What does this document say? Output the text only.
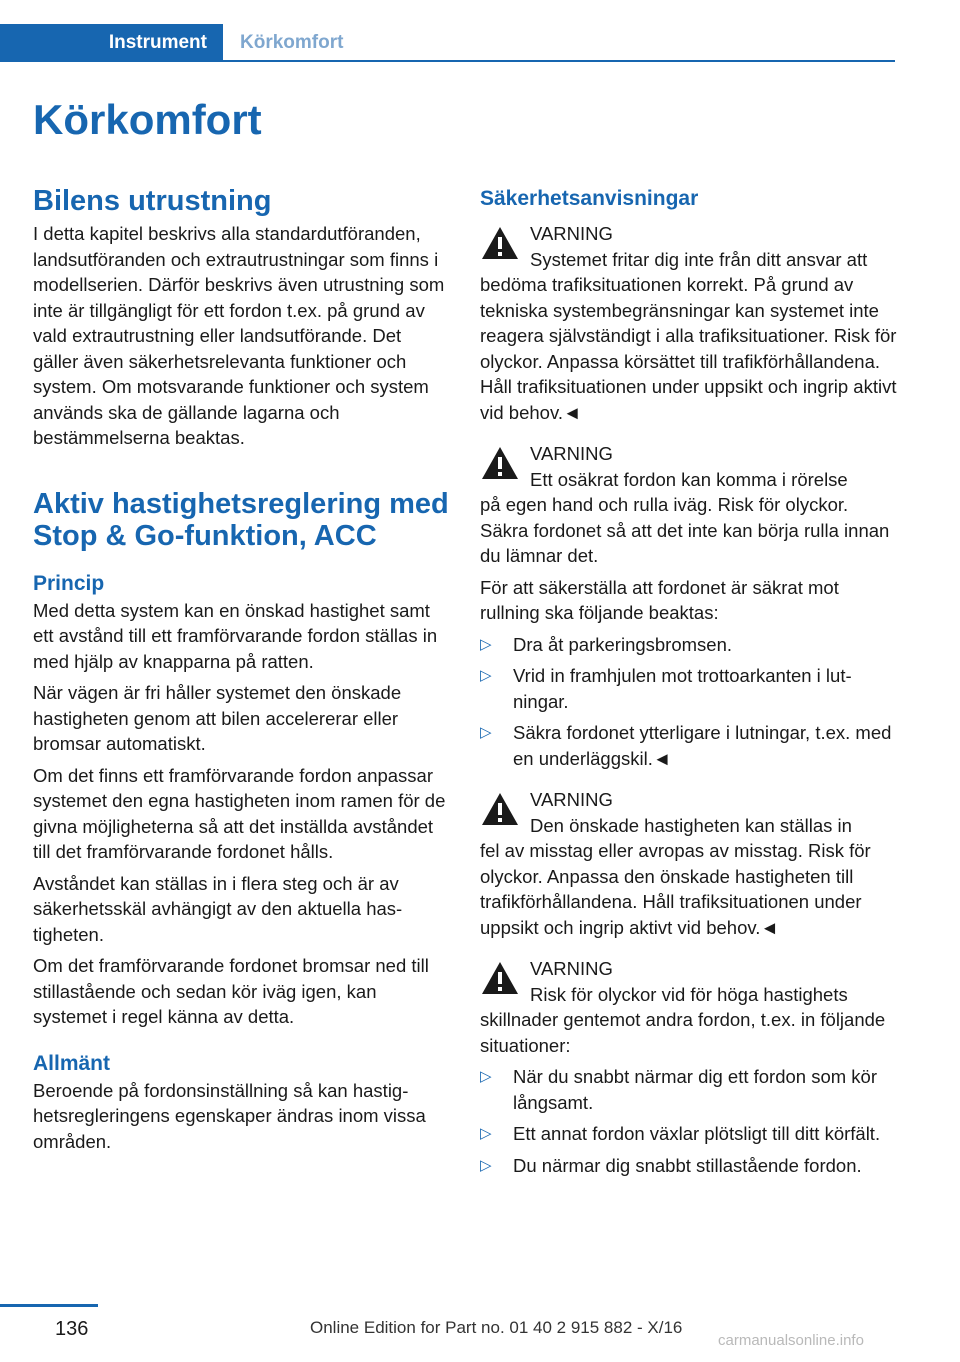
Instrument	Körkomfort
Körkomfort
Bilens utrustning

I detta kapitel beskrivs alla standardutföranden, landsutföranden och extrautrustningar som finns i modellserien. Därför beskrivs även utrustning som inte är tillgängligt för ett fordon t.ex. på grund av vald extrautrustning eller landsutförande. Det gäller även säkerhetsrelevanta funktioner och system. Om motsvarande funktioner och system används ska de gällande lagarna och bestämmelserna beaktas.

Aktiv hastighetsreglering med Stop & Go-funktion, ACC
Princip

Med detta system kan en önskad hastighet samt ett avstånd till ett framförvarande fordon ställas in med hjälp av knapparna på ratten.

När vägen är fri håller systemet den önskade hastigheten genom att bilen accelererar eller bromsar automatiskt.

Om det finns ett framförvarande fordon anpassar systemet den egna hastigheten inom ramen för de givna möjligheterna så att det inställda avståndet till det framförvarande fordonet hålls.

Avståndet kan ställas in i flera steg och är av säkerhetsskäl avhängigt av den aktuella hastigheten.

Om det framförvarande fordonet bromsar ned till stillastående och sedan kör iväg igen, kan systemet i regel känna av detta.

Allmänt

Beroende på fordonsinställning så kan hastighetsregleringens egenskaper ändras inom vissa områden.

Säkerhetsanvisningar
VARNING

Systemet fritar dig inte från ditt ansvar att

bedöma trafiksituationen korrekt. På grund av tekniska systembegränsningar kan systemet inte reagera självständigt i alla trafiksituationer. Risk för olyckor. Anpassa körsättet till trafikförhållandena. Håll trafiksituationen under uppsikt och ingrip aktivt vid behov.◄

VARNING

Ett osäkrat fordon kan komma i rörelse

på egen hand och rulla iväg. Risk för olyckor. Säkra fordonet så att det inte kan börja rulla innan du lämnar det.

För att säkerställa att fordonet är säkrat mot rullning ska följande beaktas:

▷ Dra åt parkeringsbromsen.
▷ Vrid in framhjulen mot trottoarkanten i lutningar.
▷ Säkra fordonet ytterligare i lutningar, t.ex. med en underläggskil.◄
VARNING

Den önskade hastigheten kan ställas in

fel av misstag eller avropas av misstag. Risk för olyckor. Anpassa den önskade hastigheten till trafikförhållandena. Håll trafiksituationen under uppsikt och ingrip aktivt vid behov.◄

VARNING

Risk för olyckor vid för höga hastighets

skillnader gentemot andra fordon, t.ex. in följande situationer:

▷ När du snabbt närmar dig ett fordon som kör långsamt.
▷ Ett annat fordon växlar plötsligt till ditt körfält.
▷ Du närmar dig snabbt stillastående fordon.
136	Online Edition for Part no. 01 40 2 915 882 - X/16
carmanualsonline.info
